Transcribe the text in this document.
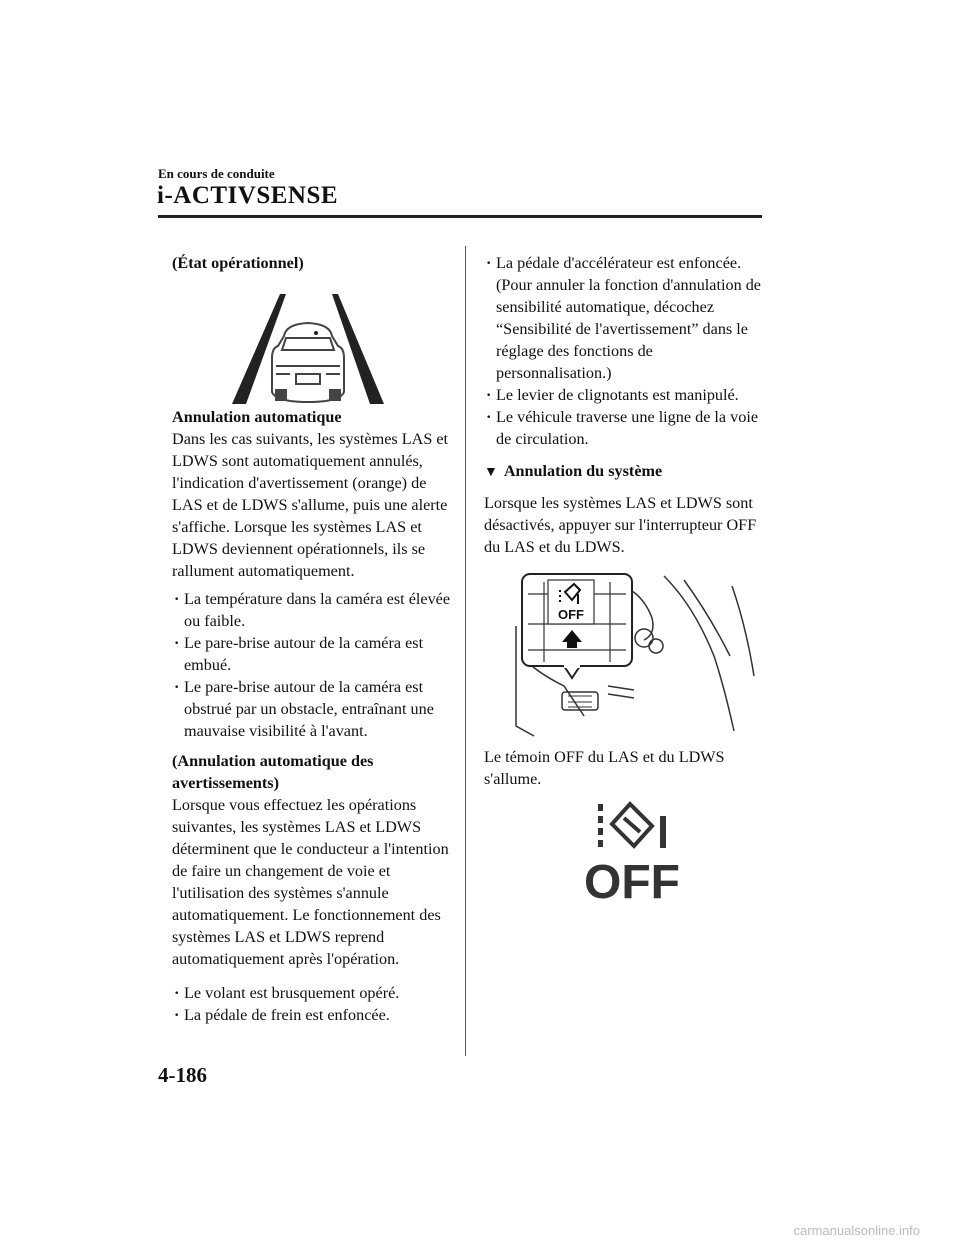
En cours de conduite
i-ACTIVSENSE

(État opérationnel)

Annulation automatique

Dans les cas suivants, les systèmes LAS et LDWS sont automatiquement annulés, l'indication d'avertissement (orange) de LAS et de LDWS s'allume, puis une alerte s'affiche. Lorsque les systèmes LAS et LDWS deviennent opérationnels, ils se rallument automatiquement.

· La température dans la caméra est élevée ou faible.
· Le pare-brise autour de la caméra est embué.
· Le pare-brise autour de la caméra est obstrué par un obstacle, entraînant une mauvaise visibilité à l'avant.

(Annulation automatique des avertissements)

Lorsque vous effectuez les opérations suivantes, les systèmes LAS et LDWS déterminent que le conducteur a l'intention de faire un changement de voie et l'utilisation des systèmes s'annule automatiquement. Le fonctionnement des systèmes LAS et LDWS reprend automatiquement après l'opération.

· Le volant est brusquement opéré.
· La pédale de frein est enfoncée.
· La pédale d'accélérateur est enfoncée. (Pour annuler la fonction d'annulation de sensibilité automatique, décochez “Sensibilité de l'avertissement” dans le réglage des fonctions de personnalisation.)
· Le levier de clignotants est manipulé.
· Le véhicule traverse une ligne de la voie de circulation.

▼ Annulation du système

Lorsque les systèmes LAS et LDWS sont désactivés, appuyer sur l'interrupteur OFF du LAS et du LDWS.

OFF

Le témoin OFF du LAS et du LDWS s'allume.

OFF
4-186
carmanualsonline.info
